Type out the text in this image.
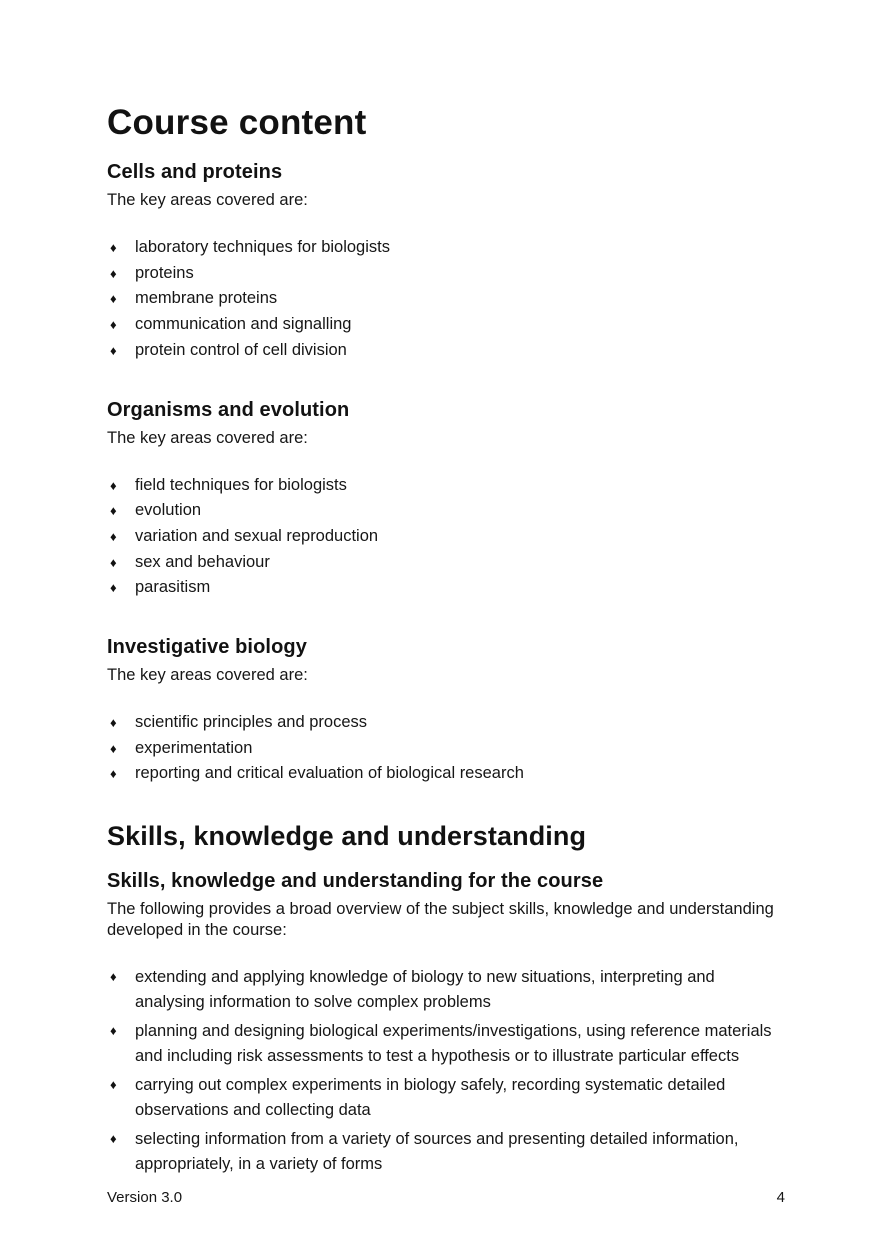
Course content
Cells and proteins

The key areas covered are:

♦	laboratory techniques for biologists
♦	proteins
♦	membrane proteins
♦	communication and signalling
♦	protein control of cell division
Organisms and evolution

The key areas covered are:

♦	field techniques for biologists
♦	evolution
♦	variation and sexual reproduction
♦	sex and behaviour
♦	parasitism
Investigative biology

The key areas covered are:

♦	scientific principles and process
♦	experimentation
♦	reporting and critical evaluation of biological research
Skills, knowledge and understanding
Skills, knowledge and understanding for the course

The following provides a broad overview of the subject skills, knowledge and understanding developed in the course:

♦	extending and applying knowledge of biology to new situations, interpreting and analysing information to solve complex problems
♦	planning and designing biological experiments/investigations, using reference materials and including risk assessments to test a hypothesis or to illustrate particular effects
♦	carrying out complex experiments in biology safely, recording systematic detailed observations and collecting data
♦	selecting information from a variety of sources and presenting detailed information, appropriately, in a variety of forms
Version 3.0	4
